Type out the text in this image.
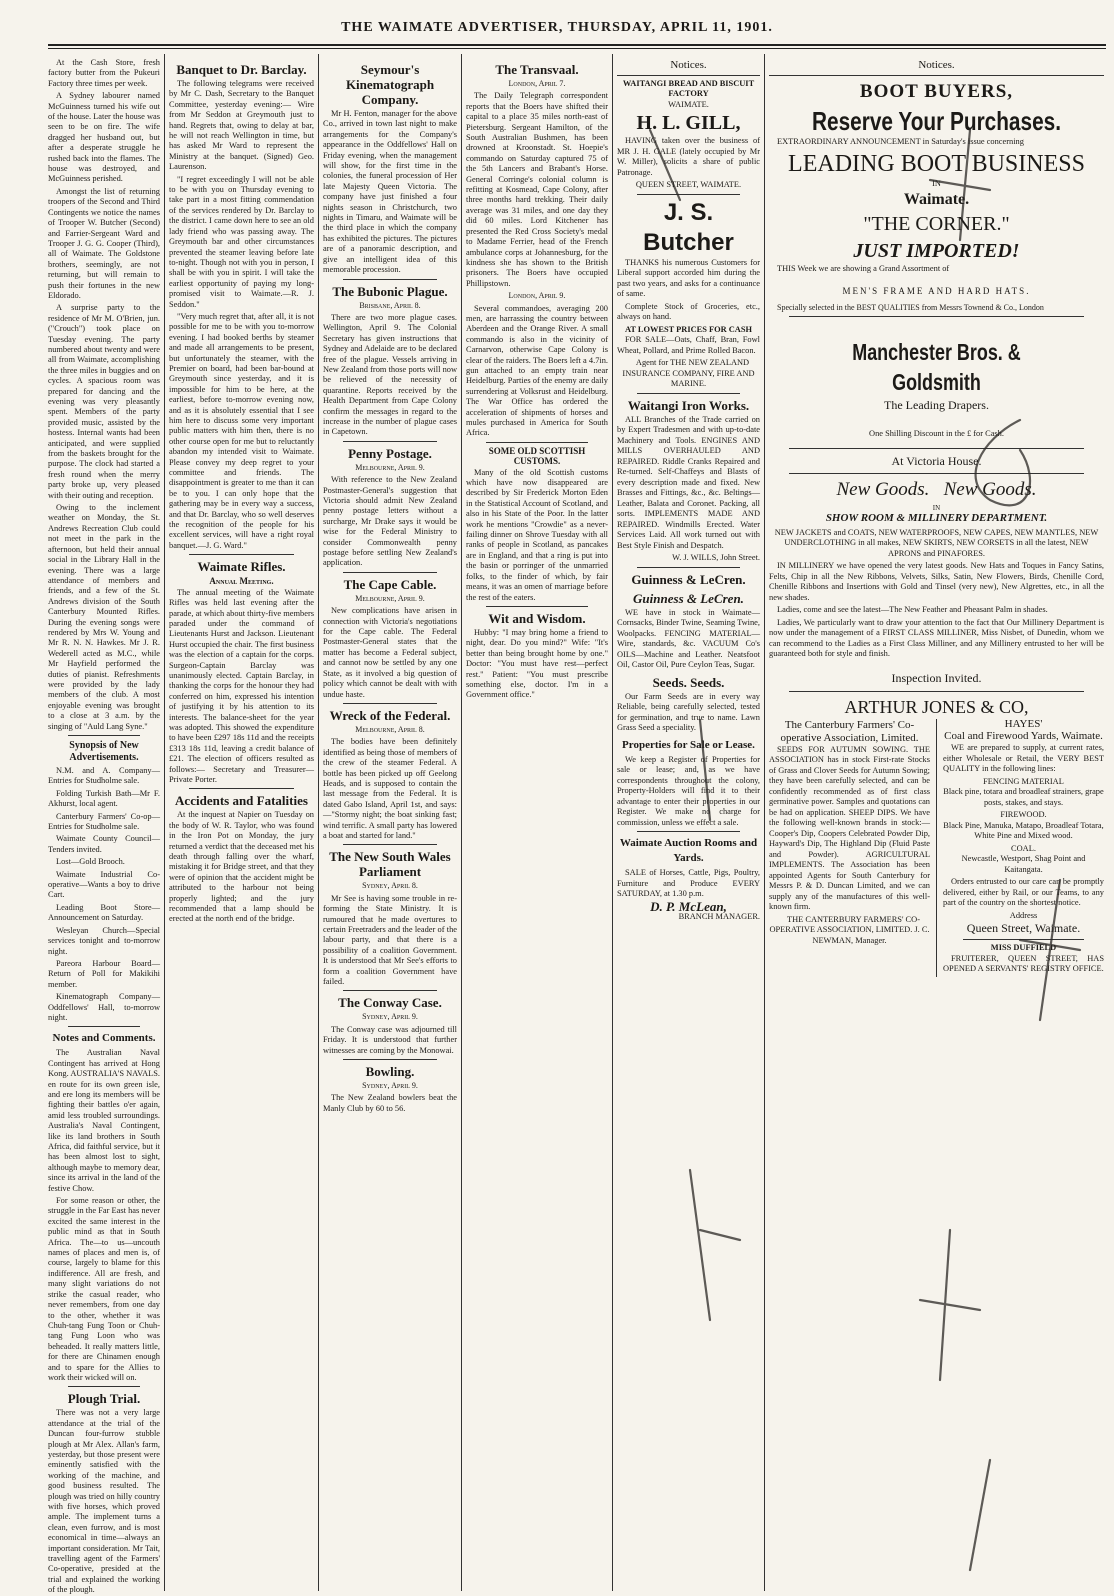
THE WAIMATE ADVERTISER, THURSDAY, APRIL 11, 1901.

At the Cash Store, fresh factory butter from the Pukeuri Factory three times per week.

A Sydney labourer named McGuinness turned his wife out of the house. Later the house was seen to be on fire. The wife dragged her husband out, but after a desperate struggle he rushed back into the flames. The house was destroyed, and McGuinness perished.

Amongst the list of returning troopers of the Second and Third Contingents we notice the names of Trooper W. Butcher (Second) and Farrier-Sergeant Ward and Trooper J. G. G. Cooper (Third), all of Waimate. The Goldstone brothers, seemingly, are not returning, but will remain to push their fortunes in the new Eldorado.

A surprise party to the residence of Mr M. O'Brien, jun. ("Crouch") took place on Tuesday evening. The party numbered about twenty and were all from Waimate, accomplishing the three miles in buggies and on cycles. A spacious room was prepared for dancing and the evening was very pleasantly spent. Members of the party provided music, assisted by the hostess. Internal wants had been anticipated, and were supplied from the baskets brought for the purpose. The clock had started a fresh round when the merry party broke up, very pleased with their outing and reception.

Owing to the inclement weather on Monday, the St. Andrews Recreation Club could not meet in the park in the afternoon, but held their annual social in the Library Hall in the evening. There was a large attendance of members and friends, and a few of the St. Andrews division of the South Canterbury Mounted Rifles. During the evening songs were rendered by Mrs W. Young and Mr R. N. N. Hawkes. Mr J. R. Wederell acted as M.C., while Mr Hayfield performed the duties of pianist. Refreshments were provided by the lady members of the club. A most enjoyable evening was brought to a close at 3 a.m. by the singing of "Auld Lang Syne."

Synopsis of New Advertisements.

N.M. and A. Company—Entries for Studholme sale.

Folding Turkish Bath—Mr F. Akhurst, local agent.

Canterbury Farmers' Co-op—Entries for Studholme sale.

Waimate County Council—Tenders invited.

Lost—Gold Brooch.

Waimate Industrial Co-operative—Wants a boy to drive Cart.

Leading Boot Store—Announcement on Saturday.

Wesleyan Church—Special services tonight and to-morrow night.

Pareora Harbour Board—Return of Poll for Makikihi member.

Kinematograph Company—Oddfellows' Hall, to-morrow night.

Notes and Comments.

The Australian Naval Contingent has arrived at Hong Kong. AUSTRALIA'S NAVALS. en route for its own green isle, and ere long its members will be fighting their battles o'er again, amid less troubled surroundings. Australia's Naval Contingent, like its land brothers in South Africa, did faithful service, but it has been almost lost to sight, although maybe to memory dear, since its arrival in the land of the festive Chow.

For some reason or other, the struggle in the Far East has never excited the same interest in the public mind as that in South Africa. The—to us—uncouth names of places and men is, of course, largely to blame for this indifference. All are fresh, and many slight variations do not strike the casual reader, who never remembers, from one day to the other, whether it was Chuh-tang Fung Toon or Chuh-tang Fung Loon who was beheaded. It really matters little, for there are Chinamen enough and to spare for the Allies to work their wicked will on.

Plough Trial.

There was not a very large attendance at the trial of the Duncan four-furrow stubble plough at Mr Alex. Allan's farm, yesterday, but those present were eminently satisfied with the working of the machine, and good business resulted. The plough was tried on hilly country with five horses, which proved ample. The implement turns a clean, even furrow, and is most economical in time—always an important consideration. Mr Tait, travelling agent of the Farmers' Co-operative, presided at the trial and explained the working of the plough.

Banquet to Dr. Barclay.

The following telegrams were received by Mr C. Dash, Secretary to the Banquet Committee, yesterday evening:— Wire from Mr Seddon at Greymouth just to hand. Regrets that, owing to delay at bar, he will not reach Wellington in time, but has asked Mr Ward to represent the Ministry at the banquet. (Signed) Geo. Laurenson.

"I regret exceedingly I will not be able to be with you on Thursday evening to take part in a most fitting commendation of the services rendered by Dr. Barclay to the district. I came down here to see an old lady friend who was passing away. The Greymouth bar and other circumstances prevented the steamer leaving before late to-night. Though not with you in person, I shall be with you in spirit. I will take the earliest opportunity of paying my long-promised visit to Waimate.—R. J. Seddon."

"Very much regret that, after all, it is not possible for me to be with you to-morrow evening. I had booked berths by steamer and made all arrangements to be present, but unfortunately the steamer, with the Premier on board, had been bar-bound at Greymouth since yesterday, and it is impossible for him to be here, at the earliest, before to-morrow evening now, and as it is absolutely essential that I see him here to discuss some very important public matters with him then, there is no other course open for me but to reluctantly abandon my intended visit to Waimate. Please convey my deep regret to your committee and friends. The disappointment is greater to me than it can be to you. I can only hope that the gathering may be in every way a success, and that Dr. Barclay, who so well deserves the recognition of the people for his excellent services, will have a right royal banquet.—J. G. Ward."

Waimate Rifles.
Annual Meeting.

The annual meeting of the Waimate Rifles was held last evening after the parade, at which about thirty-five members paraded under the command of Lieutenants Hurst and Jackson. Lieutenant Hurst occupied the chair. The first business was the election of a captain for the corps. Surgeon-Captain Barclay was unanimously elected. Captain Barclay, in thanking the corps for the honour they had conferred on him, expressed his intention of justifying it by his attention to its interests. The balance-sheet for the year was adopted. This showed the expenditure to have been £297 18s 11d and the receipts £313 18s 11d, leaving a credit balance of £21. The election of officers resulted as follows:— Secretary and Treasurer—Private Porter.

Accidents and Fatalities

At the inquest at Napier on Tuesday on the body of W. R. Taylor, who was found in the Iron Pot on Monday, the jury returned a verdict that the deceased met his death through falling over the wharf, mistaking it for Bridge street, and that they were of opinion that the accident might be attributed to the harbour not being properly lighted; and the jury recommended that a lamp should be erected at the north end of the bridge.

Seymour's Kinematograph Company.

Mr H. Fenton, manager for the above Co., arrived in town last night to make arrangements for the Company's appearance in the Oddfellows' Hall on Friday evening, when the management will show, for the first time in the colonies, the funeral procession of Her late Majesty Queen Victoria. The company have just finished a four nights season in Christchurch, two nights in Timaru, and Waimate will be the third place in which the company has exhibited the pictures. The pictures are of a panoramic description, and give an intelligent idea of this memorable procession.

The Bubonic Plague.
Brisbane, April 8.

There are two more plague cases. Wellington, April 9. The Colonial Secretary has given instructions that Sydney and Adelaide are to be declared free of the plague. Vessels arriving in New Zealand from those ports will now be relieved of the necessity of quarantine. Reports received by the Health Department from Cape Colony confirm the messages in regard to the increase in the number of plague cases in Capetown.

Penny Postage.
Melbourne, April 9.

With reference to the New Zealand Postmaster-General's suggestion that Victoria should admit New Zealand penny postage letters without a surcharge, Mr Drake says it would be wise for the Federal Ministry to consider Commonwealth penny postage before settling New Zealand's application.

The Cape Cable.
Melbourne, April 9.

New complications have arisen in connection with Victoria's negotiations for the Cape cable. The Federal Postmaster-General states that the matter has become a Federal subject, and cannot now be settled by any one State, as it involved a big question of policy which cannot be dealt with with undue haste.

Wreck of the Federal.
Melbourne, April 8.

The bodies have been definitely identified as being those of members of the crew of the steamer Federal. A bottle has been picked up off Geelong Heads, and is supposed to contain the last message from the Federal. It is dated Gabo Island, April 1st, and says:—"Stormy night; the boat sinking fast; wind terrific. A small party has lowered a boat and started for land."

The New South Wales Parliament
Sydney, April 8.

Mr See is having some trouble in re-forming the State Ministry. It is rumoured that he made overtures to certain Freetraders and the leader of the labour party, and that there is a possibility of a coalition Government. It is understood that Mr See's efforts to form a coalition Government have failed.

The Conway Case.
Sydney, April 9.

The Conway case was adjourned till Friday. It is understood that further witnesses are coming by the Monowai.

Bowling.
Sydney, April 9.

The New Zealand bowlers beat the Manly Club by 60 to 56.

The Transvaal.
London, April 7.

The Daily Telegraph correspondent reports that the Boers have shifted their capital to a place 35 miles north-east of Pietersburg. Sergeant Hamilton, of the South Australian Bushmen, has been drowned at Kroonstadt. St. Hoepie's commando on Saturday captured 75 of the 5th Lancers and Brabant's Horse. General Corringe's colonial column is refitting at Kosmead, Cape Colony, after three months hard trekking. Their daily average was 31 miles, and one day they did 60 miles. Lord Kitchener has presented the Red Cross Society's medal to Madame Ferrier, head of the French ambulance corps at Johannesburg, for the kindness she has shown to the British prisoners. The Boers have occupied Phillipstown.

London, April 9.

Several commandoes, averaging 200 men, are harrassing the country between Aberdeen and the Orange River. A small commando is also in the vicinity of Carnarvon, otherwise Cape Colony is clear of the raiders. The Boers left a 4.7in. gun attached to an empty train near Heidelburg. Parties of the enemy are daily surrendering at Volksrust and Heidelburg. The War Office has ordered the acceleration of shipments of horses and mules purchased in America for South Africa.

SOME OLD SCOTTISH CUSTOMS.

Many of the old Scottish customs which have now disappeared are described by Sir Frederick Morton Eden in the Statistical Account of Scotland, and also in his State of the Poor. In the latter work he mentions "Crowdie" as a never-failing dinner on Shrove Tuesday with all ranks of people in Scotland, as pancakes are in England, and that a ring is put into the basin or porringer of the unmarried folks, to the finder of which, by fair means, it was an omen of marriage before the rest of the eaters.

Wit and Wisdom.

Hubby: "I may bring home a friend to night, dear. Do you mind?" Wife: "It's better than being brought home by one." Doctor: "You must have rest—perfect rest." Patient: "You must prescribe something else, doctor. I'm in a Government office."

Notices.
WAITANGI BREAD AND BISCUIT FACTORY
WAIMATE.
H. L. GILL,

HAVING taken over the business of MR J. H. GALE (lately occupied by Mr W. Miller), solicits a share of public Patronage.

QUEEN STREET, WAIMATE.
J. S. Butcher

THANKS his numerous Customers for Liberal support accorded him during the past two years, and asks for a continuance of same.

Complete Stock of Groceries, etc., always on hand.

AT LOWEST PRICES FOR CASH

FOR SALE—Oats, Chaff, Bran, Fowl Wheat, Pollard, and Prime Rolled Bacon.

Agent for THE NEW ZEALAND INSURANCE COMPANY, FIRE AND MARINE.

Waitangi Iron Works.

ALL Branches of the Trade carried on by Expert Tradesmen and with up-to-date Machinery and Tools. ENGINES AND MILLS OVERHAULED AND REPAIRED. Riddle Cranks Repaired and Re-turned. Self-Chaffeys and Blasts of every description made and fixed. New Brasses and Fittings, &c., &c. Beltings—Leather, Balata and Coronet. Packing, all sorts. IMPLEMENTS MADE AND REPAIRED. Windmills Erected. Water Services Laid. All work turned out with Best Style Finish and Despatch.

W. J. WILLS, John Street.
Guinness & LeCren.
Guinness & LeCren.

WE have in stock in Waimate—Cornsacks, Binder Twine, Seaming Twine, Woolpacks. FENCING MATERIAL—Wire, standards, &c. VACUUM Co's OILS—Machine and Leather. Neatsfoot Oil, Castor Oil, Pure Ceylon Teas, Sugar.

Seeds. Seeds.

Our Farm Seeds are in every way Reliable, being carefully selected, tested for germination, and true to name. Lawn Grass Seed a speciality.

Properties for Sale or Lease.

We keep a Register of Properties for sale or lease; and, as we have correspondents throughout the colony, Property-Holders will find it to their advantage to enter their properties in our Register. We make no charge for commission, unless we effect a sale.

Waimate Auction Rooms and Yards.

SALE of Horses, Cattle, Pigs, Poultry, Furniture and Produce EVERY SATURDAY, at 1.30 p.m.

D. P. McLean,
BRANCH MANAGER.
Notices.
BOOT BUYERS,
Reserve Your Purchases.

EXTRAORDINARY ANNOUNCEMENT in Saturday's issue concerning

LEADING BOOT BUSINESS
IN
Waimate.
"THE CORNER."
JUST IMPORTED!

THIS Week we are showing a Grand Assortment of

MEN'S FRAME AND HARD HATS.

Specially selected in the BEST QUALITIES from Messrs Townend & Co., London

Manchester Bros. & Goldsmith
The Leading Drapers.
One Shilling Discount in the £ for Cash.
At Victoria House.
New Goods.   New Goods.
IN
SHOW ROOM & MILLINERY DEPARTMENT.

NEW JACKETS and COATS, NEW WATERPROOFS, NEW CAPES, NEW MANTLES, NEW UNDERCLOTHING in all makes, NEW SKIRTS, NEW CORSETS in all the latest, NEW APRONS and PINAFORES.

IN MILLINERY we have opened the very latest goods. New Hats and Toques in Fancy Satins, Felts, Chip in all the New Ribbons, Velvets, Silks, Satin, New Flowers, Birds, Chenille Cord, Chenille Ribbons and Insertions with Gold and Tinsel (very new), New Algrettes, etc., in all the new shades.

Ladies, come and see the latest—The New Feather and Pheasant Palm in shades.

Ladies, We particularly want to draw your attention to the fact that Our Millinery Department is now under the management of a FIRST CLASS MILLINER, Miss Nisbet, of Dunedin, whom we can recommend to the Ladies as a First Class Milliner, and any Millinery entrusted to her will be guaranteed both for style and finish.

Inspection Invited.
ARTHUR JONES & CO,
The Canterbury Farmers' Co-operative Association, Limited.

SEEDS FOR AUTUMN SOWING. THE ASSOCIATION has in stock First-rate Stocks of Grass and Clover Seeds for Autumn Sowing; they have been carefully selected, and can be confidently recommended as of first class germinative power. Samples and quotations can be had on application. SHEEP DIPS. We have the following well-known brands in stock:—Cooper's Dip, Coopers Celebrated Powder Dip, Hayward's Dip, The Highland Dip (Fluid Paste and Powder). AGRICULTURAL IMPLEMENTS. The Association has been appointed Agents for South Canterbury for Messrs P. & D. Duncan Limited, and we can supply any of the manufactures of this well-known firm.

THE CANTERBURY FARMERS' CO-OPERATIVE ASSOCIATION, LIMITED. J. C. NEWMAN, Manager.

HAYES'
Coal and Firewood Yards, Waimate.

WE are prepared to supply, at current rates, either Wholesale or Retail, the VERY BEST QUALITY in the following lines:

FENCING MATERIAL

Black pine, totara and broadleaf strainers, grape posts, stakes, and stays.

FIREWOOD.

Black Pine, Manuka, Matapo, Broadleaf Totara, White Pine and Mixed wood.

COAL.

Newcastle, Westport, Shag Point and Kaitangata.

Orders entrusted to our care can be promptly delivered, either by Rail, or our Teams, to any part of the country on the shortest notice.

Address
Queen Street, Waimate.
MISS DUFFIELD

FRUITERER, QUEEN STREET, HAS OPENED A SERVANTS' REGISTRY OFFICE.
